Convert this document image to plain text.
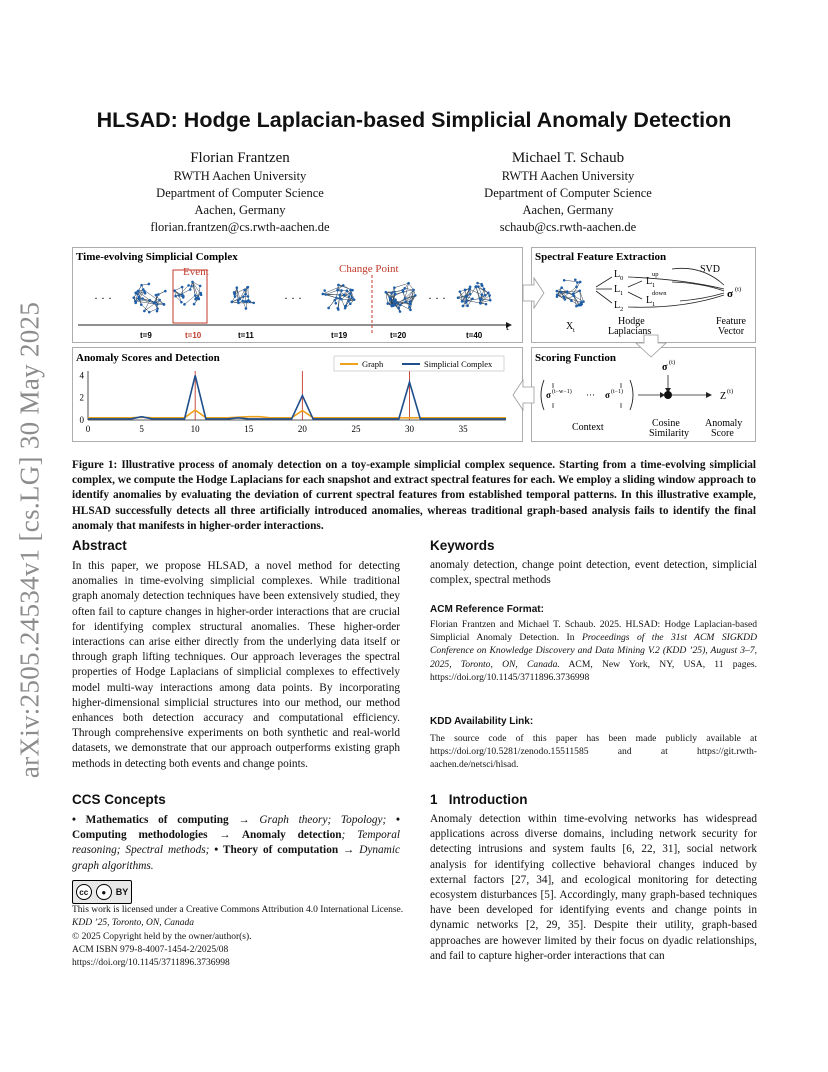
arXiv:2505.24534v1 [cs.LG] 30 May 2025
HLSAD: Hodge Laplacian-based Simplicial Anomaly Detection
Florian Frantzen
RWTH Aachen University
Department of Computer Science
Aachen, Germany
florian.frantzen@cs.rwth-aachen.de
Michael T. Schaub
RWTH Aachen University
Department of Computer Science
Aachen, Germany
schaub@cs.rwth-aachen.de
Time-evolving Simplicial Complex
Anomaly Scores and Detection
Spectral Feature Extraction
Scoring Function
t
· · ·	· · ·	· · ·
Event	Change Point
t=9	t=10	t=11	t=19	t=20	t=40
0	5	10	15	20	25	30	35
0
2
4
Graph	Simplicial Complex
X t
L 0
L 1
L 2
L
up
1
L
down
1
SVD
σ (t)
Hodge
Laplacians
Feature
Vector
σ (t−w−1) ··· σ (t−1)
σ (t)
Z (t)
Context	Cosine
Similarity
Anomaly
Score
Figure 1: Illustrative process of anomaly detection on a toy-example simplicial complex sequence. Starting from a time-evolving simplicial complex, we compute the Hodge Laplacians for each snapshot and extract spectral features for each. We employ a sliding window approach to identify anomalies by evaluating the deviation of current spectral features from established temporal patterns. In this illustrative example, HLSAD successfully detects all three artificially introduced anomalies, whereas traditional graph-based analysis fails to identify the final anomaly that manifests in higher-order interactions.
Abstract
In this paper, we propose HLSAD, a novel method for detecting anomalies in time-evolving simplicial complexes. While traditional graph anomaly detection techniques have been extensively studied, they often fail to capture changes in higher-order interactions that are crucial for identifying complex structural anomalies. These higher-order interactions can arise either directly from the underlying data itself or through graph lifting techniques. Our approach leverages the spectral properties of Hodge Laplacians of simplicial complexes to effectively model multi-way interactions among data points. By incorporating higher-dimensional simplicial structures into our method, our method enhances both detection accuracy and computational efficiency. Through comprehensive experiments on both synthetic and real-world datasets, we demonstrate that our approach outperforms existing graph methods in detecting both events and change points.
CCS Concepts
• Mathematics of computing → Graph theory; Topology; • Computing methodologies → Anomaly detection; Temporal reasoning; Spectral methods; • Theory of computation → Dynamic graph algorithms.
cc	●	BY
This work is licensed under a Creative Commons Attribution 4.0 International License.
KDD ’25, Toronto, ON, Canada
© 2025 Copyright held by the owner/author(s).
ACM ISBN 979-8-4007-1454-2/2025/08
https://doi.org/10.1145/3711896.3736998
Keywords
anomaly detection, change point detection, event detection, simplicial complex, spectral methods
ACM Reference Format:
Florian Frantzen and Michael T. Schaub. 2025. HLSAD: Hodge Laplacian-based Simplicial Anomaly Detection. In Proceedings of the 31st ACM SIGKDD Conference on Knowledge Discovery and Data Mining V.2 (KDD ’25), August 3–7, 2025, Toronto, ON, Canada. ACM, New York, NY, USA, 11 pages. https://doi.org/10.1145/3711896.3736998
KDD Availability Link:
The source code of this paper has been made publicly available at https://doi.org/10.5281/zenodo.15511585 and at https://git.rwth-aachen.de/netsci/hlsad.
1   Introduction
Anomaly detection within time-evolving networks has widespread applications across diverse domains, including network security for detecting intrusions and system faults [6, 22, 31], social network analysis for identifying collective behavioral changes induced by external factors [27, 34], and ecological monitoring for detecting ecosystem disturbances [5]. Accordingly, many graph-based techniques have been developed for identifying events and change points in dynamic networks [2, 29, 35]. Despite their utility, graph-based approaches are however limited by their focus on dyadic relationships, and fail to capture higher-order interactions that can
